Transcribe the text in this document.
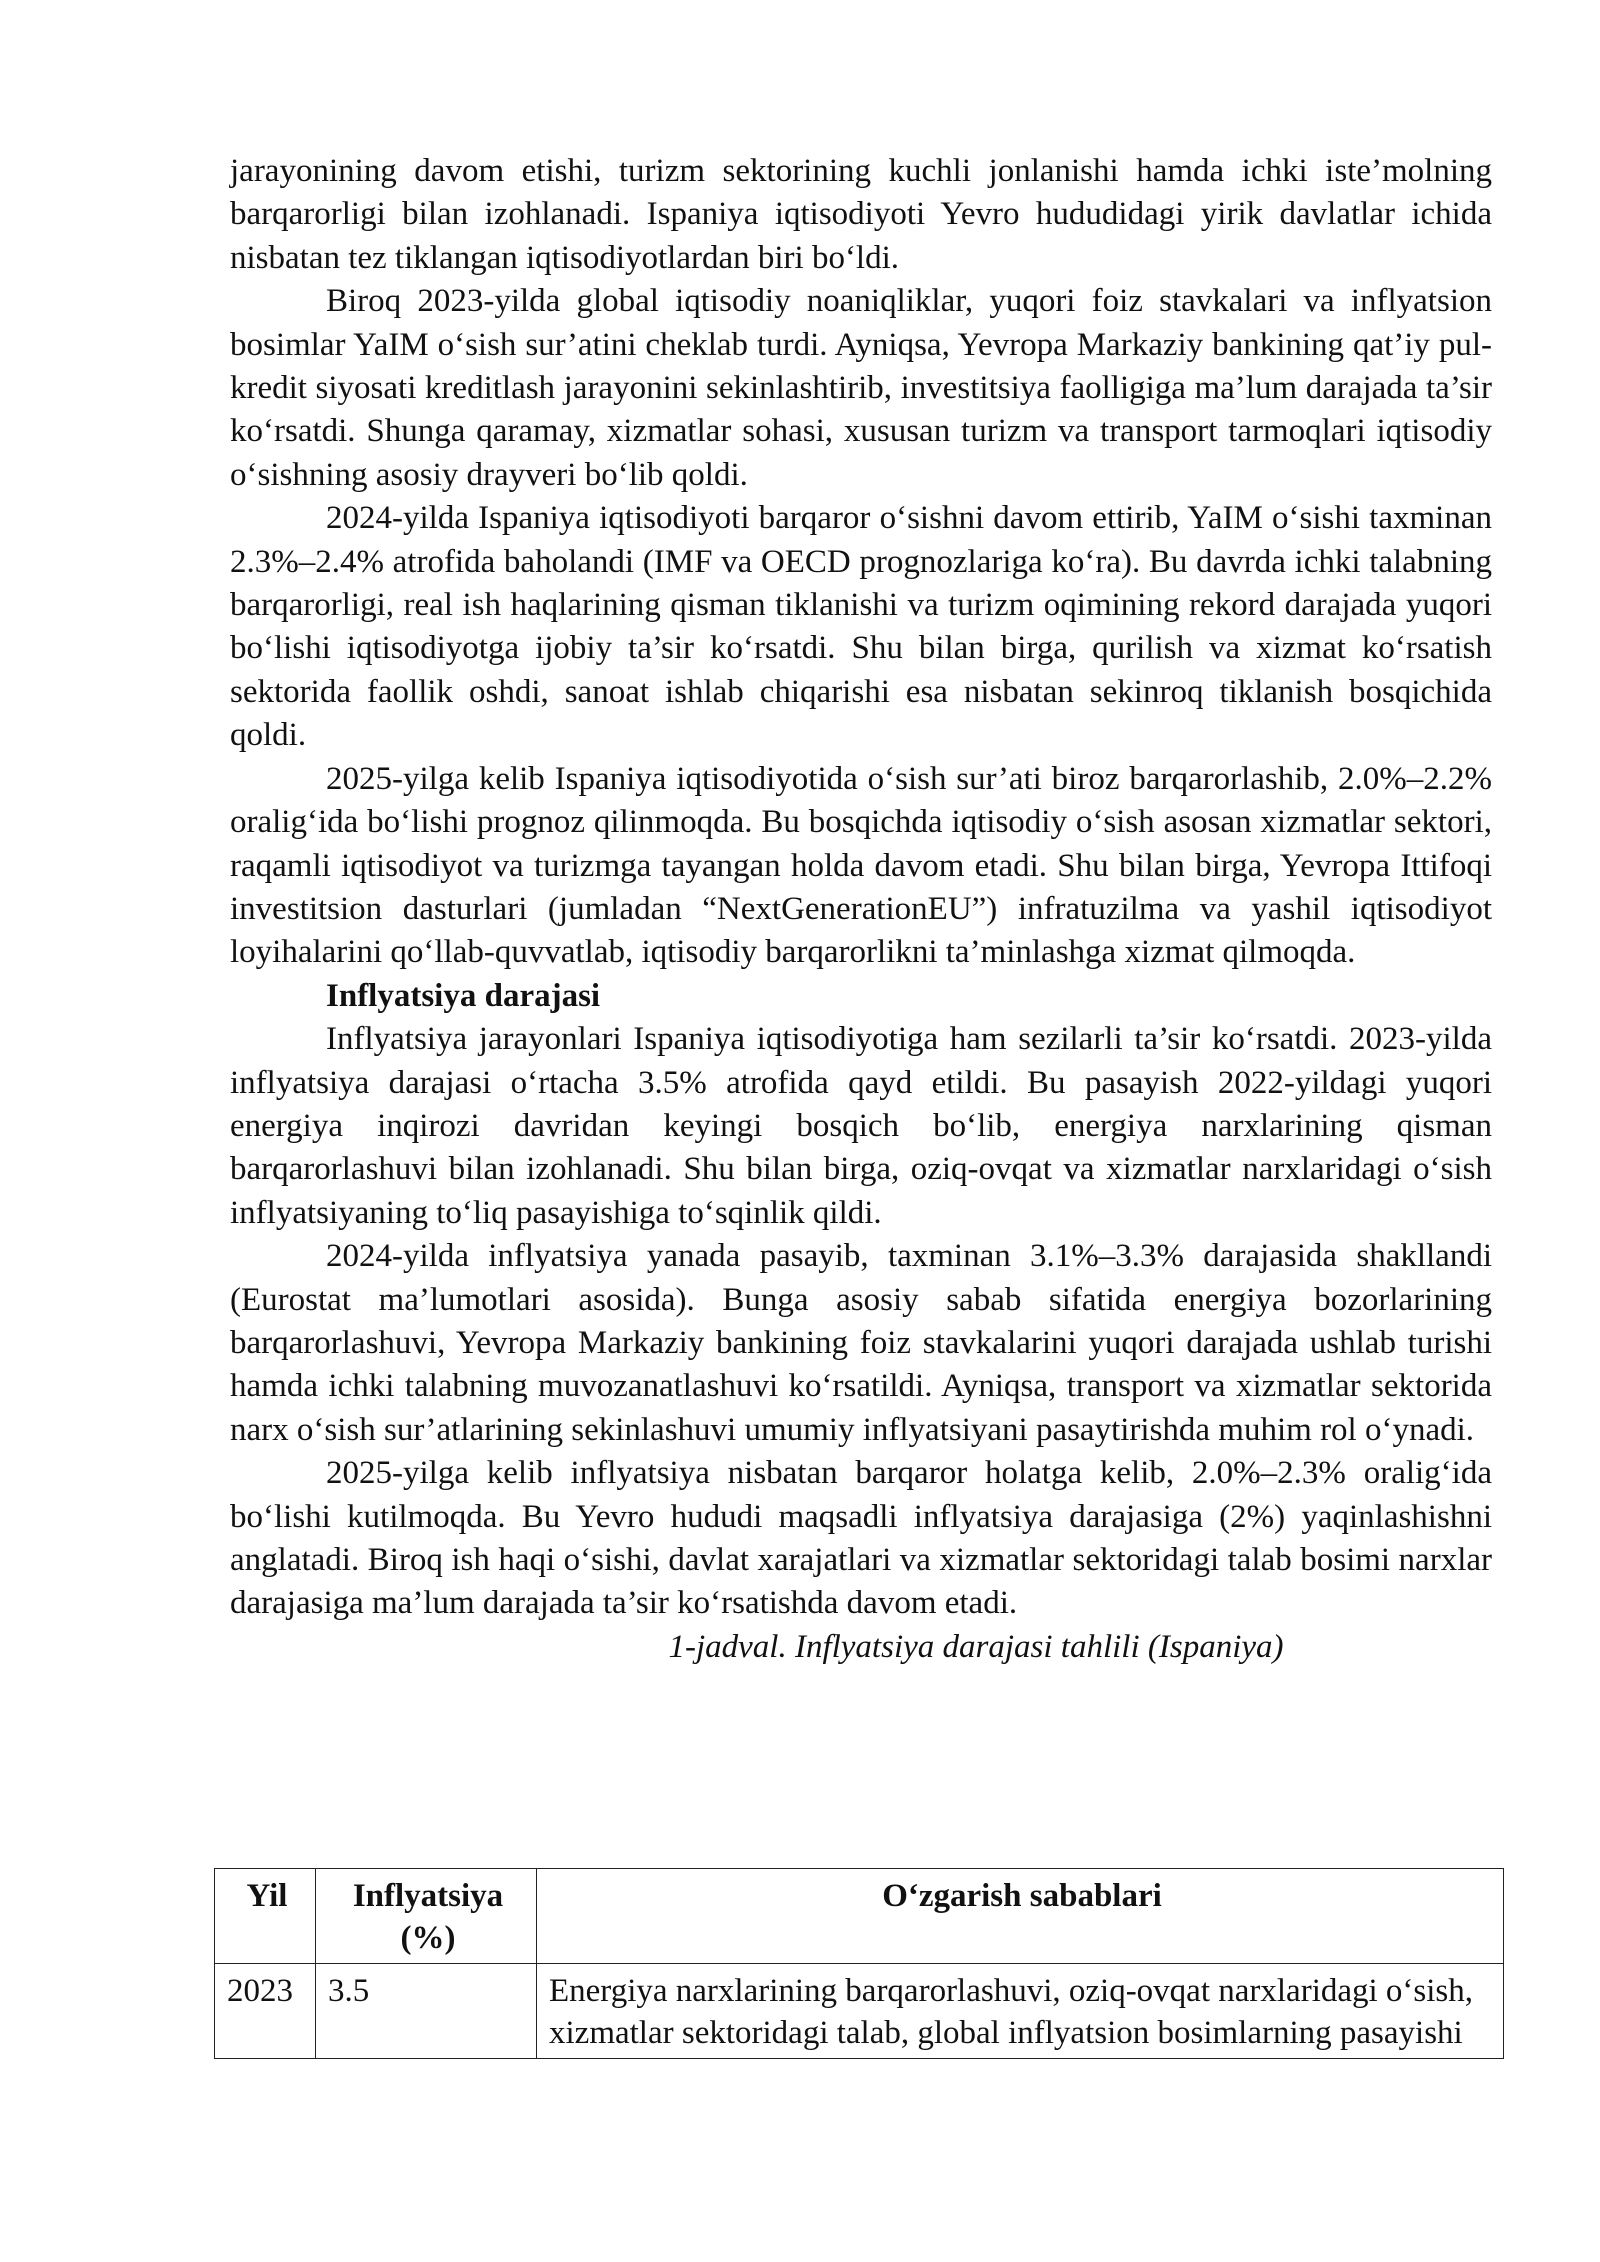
jarayonining davom etishi, turizm sektorining kuchli jonlanishi hamda ichki iste’molning barqarorligi bilan izohlanadi. Ispaniya iqtisodiyoti Yevro hududidagi yirik davlatlar ichida nisbatan tez tiklangan iqtisodiyotlardan biri bo‘ldi.

Biroq 2023-yilda global iqtisodiy noaniqliklar, yuqori foiz stavkalari va inflyatsion bosimlar YaIM o‘sish sur’atini cheklab turdi. Ayniqsa, Yevropa Markaziy bankining qat’iy pul-kredit siyosati kreditlash jarayonini sekinlashtirib, investitsiya faolligiga ma’lum darajada ta’sir ko‘rsatdi. Shunga qaramay, xizmatlar sohasi, xususan turizm va transport tarmoqlari iqtisodiy o‘sishning asosiy drayveri bo‘lib qoldi.

2024-yilda Ispaniya iqtisodiyoti barqaror o‘sishni davom ettirib, YaIM o‘sishi taxminan 2.3%–2.4% atrofida baholandi (IMF va OECD prognozlariga ko‘ra). Bu davrda ichki talabning barqarorligi, real ish haqlarining qisman tiklanishi va turizm oqimining rekord darajada yuqori bo‘lishi iqtisodiyotga ijobiy ta’sir ko‘rsatdi. Shu bilan birga, qurilish va xizmat ko‘rsatish sektorida faollik oshdi, sanoat ishlab chiqarishi esa nisbatan sekinroq tiklanish bosqichida qoldi.

2025-yilga kelib Ispaniya iqtisodiyotida o‘sish sur’ati biroz barqarorlashib, 2.0%–2.2% oralig‘ida bo‘lishi prognoz qilinmoqda. Bu bosqichda iqtisodiy o‘sish asosan xizmatlar sektori, raqamli iqtisodiyot va turizmga tayangan holda davom etadi. Shu bilan birga, Yevropa Ittifoqi investitsion dasturlari (jumladan “NextGenerationEU”) infratuzilma va yashil iqtisodiyot loyihalarini qo‘llab-quvvatlab, iqtisodiy barqarorlikni ta’minlashga xizmat qilmoqda.

Inflyatsiya darajasi

Inflyatsiya jarayonlari Ispaniya iqtisodiyotiga ham sezilarli ta’sir ko‘rsatdi. 2023-yilda inflyatsiya darajasi o‘rtacha 3.5% atrofida qayd etildi. Bu pasayish 2022-yildagi yuqori energiya inqirozi davridan keyingi bosqich bo‘lib, energiya narxlarining qisman barqarorlashuvi bilan izohlanadi. Shu bilan birga, oziq-ovqat va xizmatlar narxlaridagi o‘sish inflyatsiyaning to‘liq pasayishiga to‘sqinlik qildi.

2024-yilda inflyatsiya yanada pasayib, taxminan 3.1%–3.3% darajasida shakllandi (Eurostat ma’lumotlari asosida). Bunga asosiy sabab sifatida energiya bozorlarining barqarorlashuvi, Yevropa Markaziy bankining foiz stavkalarini yuqori darajada ushlab turishi hamda ichki talabning muvozanatlashuvi ko‘rsatildi. Ayniqsa, transport va xizmatlar sektorida narx o‘sish sur’atlarining sekinlashuvi umumiy inflyatsiyani pasaytirishda muhim rol o‘ynadi.

2025-yilga kelib inflyatsiya nisbatan barqaror holatga kelib, 2.0%–2.3% oralig‘ida bo‘lishi kutilmoqda. Bu Yevro hududi maqsadli inflyatsiya darajasiga (2%) yaqinlashishni anglatadi. Biroq ish haqi o‘sishi, davlat xarajatlari va xizmatlar sektoridagi talab bosimi narxlar darajasiga ma’lum darajada ta’sir ko‘rsatishda davom etadi.

1-jadval. Inflyatsiya darajasi tahlili (Ispaniya)

Yil	Inflyatsiya (%)	O‘zgarish sabablari
2023	3.5	Energiya narxlarining barqarorlashuvi, oziq-ovqat narxlaridagi o‘sish, xizmatlar sektoridagi talab, global inflyatsion bosimlarning pasayishi
